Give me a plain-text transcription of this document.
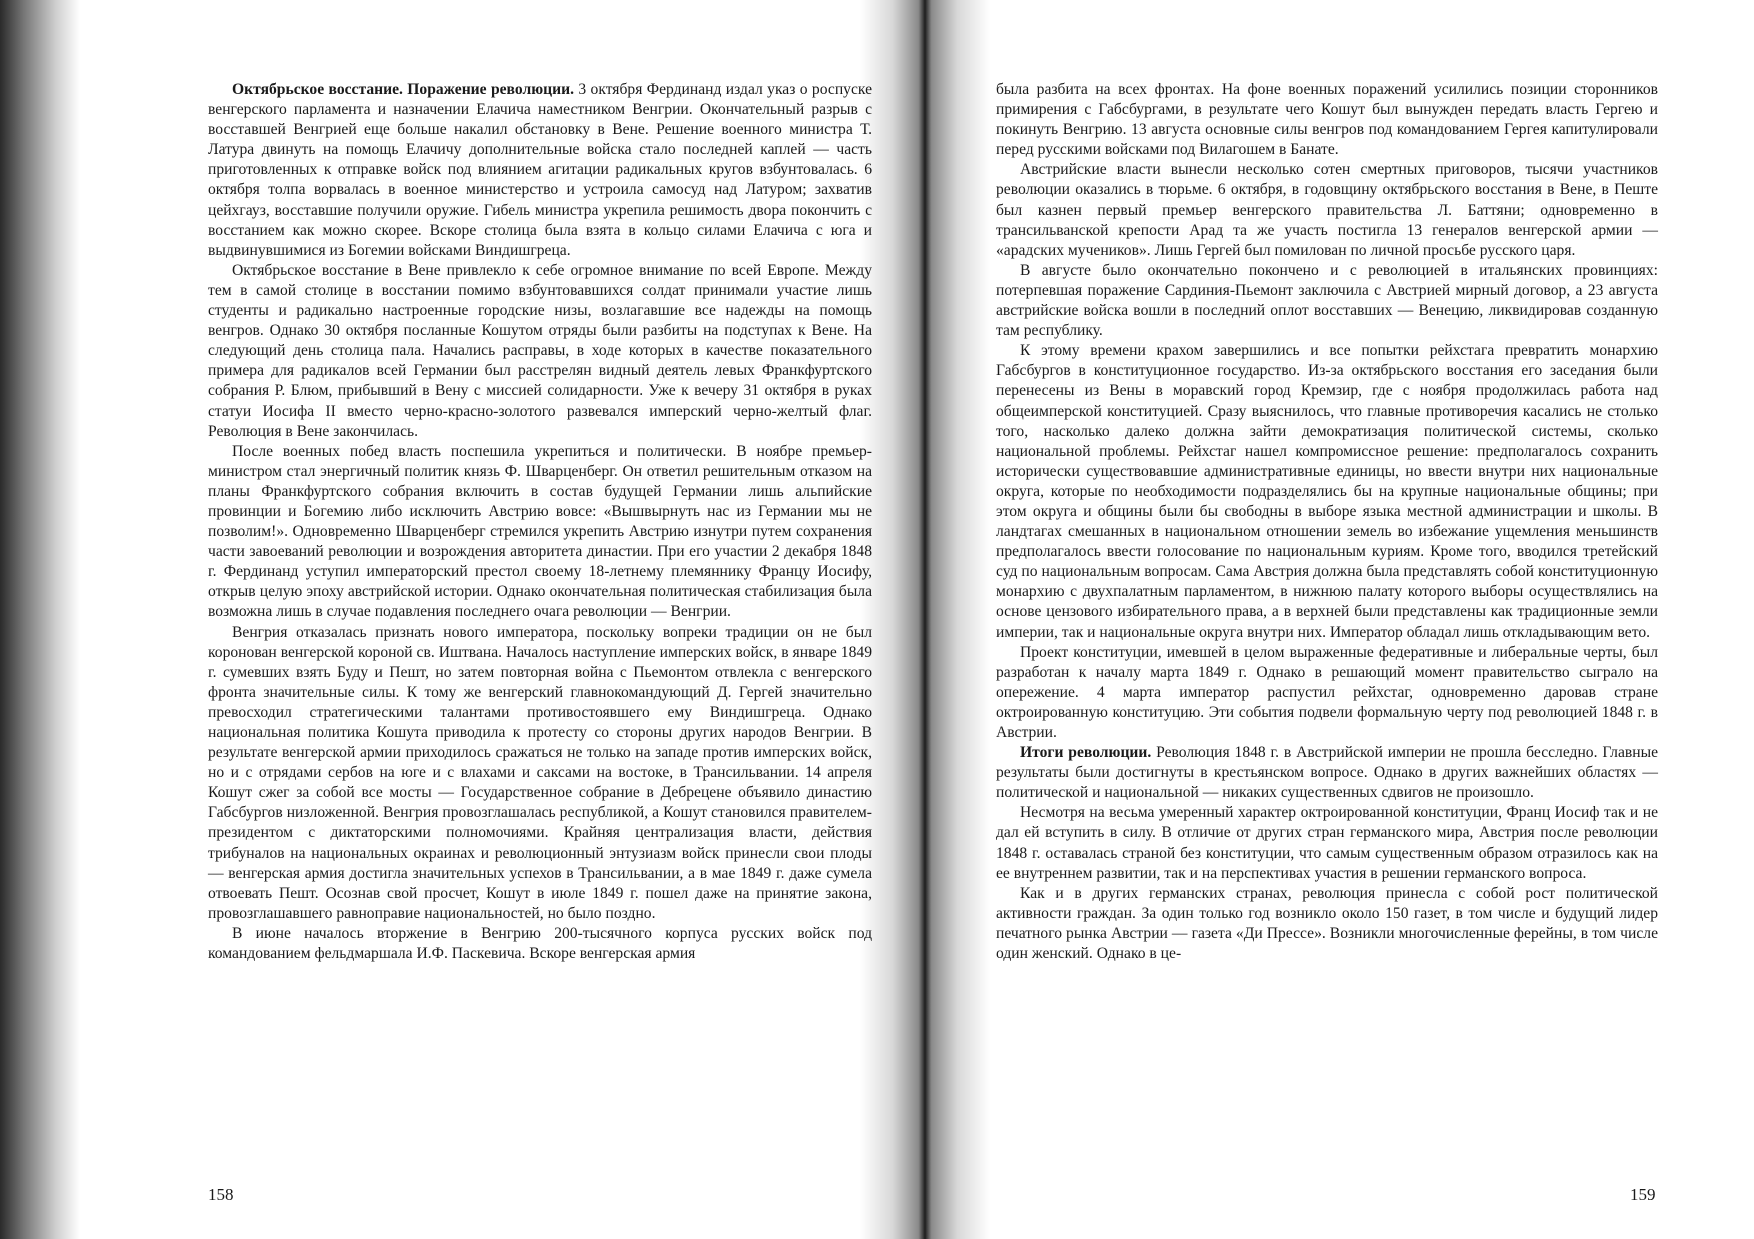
Октябрьское восстание. Поражение революции. 3 октября Фердинанд издал указ о роспуске венгерского парламента и назначении Елачича наместником Венгрии. Окончательный разрыв с восставшей Венгрией еще больше накалил обстановку в Вене. Решение военного министра Т. Латура двинуть на помощь Елачичу дополнительные войска стало последней каплей — часть приготовленных к отправке войск под влиянием агитации радикальных кругов взбунтовалась. 6 октября толпа ворвалась в военное министерство и устроила самосуд над Латуром; захватив цейхгауз, восставшие получили оружие. Гибель министра укрепила решимость двора покончить с восстанием как можно скорее. Вскоре столица была взята в кольцо силами Елачича с юга и выдвинувшимися из Богемии войсками Виндишгреца.

Октябрьское восстание в Вене привлекло к себе огромное внимание по всей Европе. Между тем в самой столице в восстании помимо взбунтовавшихся солдат принимали участие лишь студенты и радикально настроенные городские низы, возлагавшие все надежды на помощь венгров. Однако 30 октября посланные Кошутом отряды были разбиты на подступах к Вене. На следующий день столица пала. Начались расправы, в ходе которых в качестве показательного примера для радикалов всей Германии был расстрелян видный деятель левых Франкфуртского собрания Р. Блюм, прибывший в Вену с миссией солидарности. Уже к вечеру 31 октября в руках статуи Иосифа II вместо черно-красно-золотого развевался имперский черно-желтый флаг. Революция в Вене закончилась.

После военных побед власть поспешила укрепиться и политически. В ноябре премьер-министром стал энергичный политик князь Ф. Шварценберг. Он ответил решительным отказом на планы Франкфуртского собрания включить в состав будущей Германии лишь альпийские провинции и Богемию либо исключить Австрию вовсе: «Вышвырнуть нас из Германии мы не позволим!». Одновременно Шварценберг стремился укрепить Австрию изнутри путем сохранения части завоеваний революции и возрождения авторитета династии. При его участии 2 декабря 1848 г. Фердинанд уступил императорский престол своему 18-летнему племяннику Францу Иосифу, открыв целую эпоху австрийской истории. Однако окончательная политическая стабилизация была возможна лишь в случае подавления последнего очага революции — Венгрии.

Венгрия отказалась признать нового императора, поскольку вопреки традиции он не был коронован венгерской короной св. Иштвана. Началось наступление имперских войск, в январе 1849 г. сумевших взять Буду и Пешт, но затем повторная война с Пьемонтом отвлекла с венгерского фронта значительные силы. К тому же венгерский главнокомандующий Д. Гергей значительно превосходил стратегическими талантами противостоявшего ему Виндишгреца. Однако национальная политика Кошута приводила к протесту со стороны других народов Венгрии. В результате венгерской армии приходилось сражаться не только на западе против имперских войск, но и с отрядами сербов на юге и с влахами и саксами на востоке, в Трансильвании. 14 апреля Кошут сжег за собой все мосты — Государственное собрание в Дебрецене объявило династию Габсбургов низложенной. Венгрия провозглашалась республикой, а Кошут становился правителем-президентом с диктаторскими полномочиями. Крайняя централизация власти, действия трибуналов на национальных окраинах и революционный энтузиазм войск принесли свои плоды — венгерская армия достигла значительных успехов в Трансильвании, а в мае 1849 г. даже сумела отвоевать Пешт. Осознав свой просчет, Кошут в июле 1849 г. пошел даже на принятие закона, провозглашавшего равноправие национальностей, но было поздно.

В июне началось вторжение в Венгрию 200-тысячного корпуса русских войск под командованием фельдмаршала И.Ф. Паскевича. Вскоре венгерская армия

158

была разбита на всех фронтах. На фоне военных поражений усилились позиции сторонников примирения с Габсбургами, в результате чего Кошут был вынужден передать власть Гергею и покинуть Венгрию. 13 августа основные силы венгров под командованием Гергея капитулировали перед русскими войсками под Вилагошем в Банате.

Австрийские власти вынесли несколько сотен смертных приговоров, тысячи участников революции оказались в тюрьме. 6 октября, в годовщину октябрьского восстания в Вене, в Пеште был казнен первый премьер венгерского правительства Л. Баттяни; одновременно в трансильванской крепости Арад та же участь постигла 13 генералов венгерской армии — «арадских мучеников». Лишь Гергей был помилован по личной просьбе русского царя.

В августе было окончательно покончено и с революцией в итальянских провинциях: потерпевшая поражение Сардиния-Пьемонт заключила с Австрией мирный договор, а 23 августа австрийские войска вошли в последний оплот восставших — Венецию, ликвидировав созданную там республику.

К этому времени крахом завершились и все попытки рейхстага превратить монархию Габсбургов в конституционное государство. Из-за октябрьского восстания его заседания были перенесены из Вены в моравский город Кремзир, где с ноября продолжилась работа над общеимперской конституцией. Сразу выяснилось, что главные противоречия касались не столько того, насколько далеко должна зайти демократизация политической системы, сколько национальной проблемы. Рейхстаг нашел компромиссное решение: предполагалось сохранить исторически существовавшие административные единицы, но ввести внутри них национальные округа, которые по необходимости подразделялись бы на крупные национальные общины; при этом округа и общины были бы свободны в выборе языка местной администрации и школы. В ландтагах смешанных в национальном отношении земель во избежание ущемления меньшинств предполагалось ввести голосование по национальным куриям. Кроме того, вводился третейский суд по национальным вопросам. Сама Австрия должна была представлять собой конституционную монархию с двухпалатным парламентом, в нижнюю палату которого выборы осуществлялись на основе цензового избирательного права, а в верхней были представлены как традиционные земли империи, так и национальные округа внутри них. Император обладал лишь откладывающим вето.

Проект конституции, имевшей в целом выраженные федеративные и либеральные черты, был разработан к началу марта 1849 г. Однако в решающий момент правительство сыграло на опережение. 4 марта император распустил рейхстаг, одновременно даровав стране октроированную конституцию. Эти события подвели формальную черту под революцией 1848 г. в Австрии.

Итоги революции. Революция 1848 г. в Австрийской империи не прошла бесследно. Главные результаты были достигнуты в крестьянском вопросе. Однако в других важнейших областях — политической и национальной — никаких существенных сдвигов не произошло.

Несмотря на весьма умеренный характер октроированной конституции, Франц Иосиф так и не дал ей вступить в силу. В отличие от других стран германского мира, Австрия после революции 1848 г. оставалась страной без конституции, что самым существенным образом отразилось как на ее внутреннем развитии, так и на перспективах участия в решении германского вопроса.

Как и в других германских странах, революция принесла с собой рост политической активности граждан. За один только год возникло около 150 газет, в том числе и будущий лидер печатного рынка Австрии — газета «Ди Прессе». Возникли многочисленные ферейны, в том числе один женский. Однако в це-

159
